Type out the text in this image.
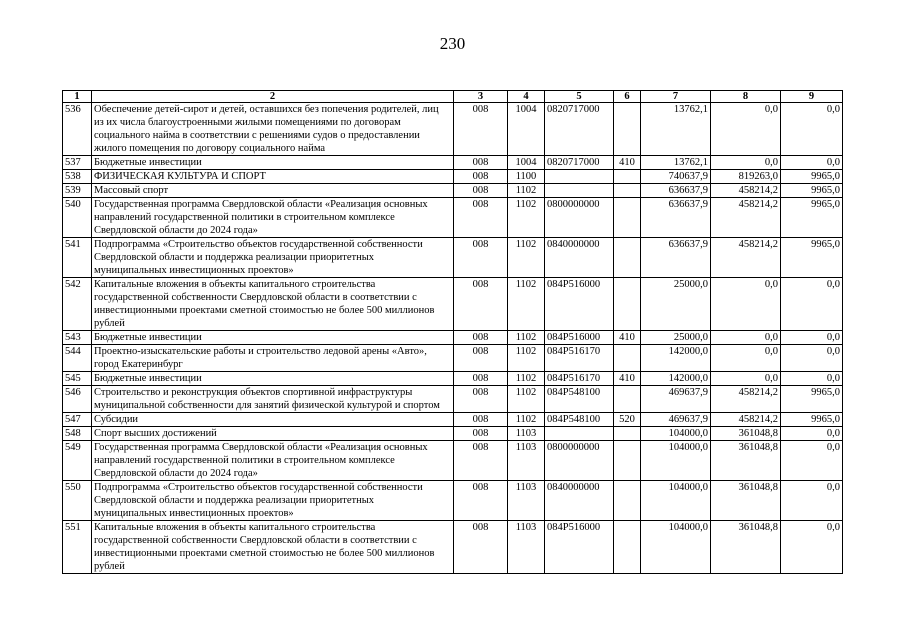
230
1	2	3	4	5	6	7	8	9
536	Обеспечение детей-сирот и детей, оставшихся без попечения родителей, лиц
из их числа благоустроенными жилыми помещениями по договорам
социального найма в соответствии с решениями судов о предоставлении
жилого помещения по договору социального найма	008	1004	0820717000		13762,1	0,0	0,0
537	Бюджетные инвестиции	008	1004	0820717000	410	13762,1	0,0	0,0
538	ФИЗИЧЕСКАЯ КУЛЬТУРА И СПОРТ	008	1100			740637,9	819263,0	9965,0
539	Массовый спорт	008	1102			636637,9	458214,2	9965,0
540	Государственная программа Свердловской области «Реализация основных
направлений государственной политики в строительном комплексе
Свердловской области до 2024 года»	008	1102	0800000000		636637,9	458214,2	9965,0
541	Подпрограмма «Строительство объектов государственной собственности
Свердловской области и поддержка реализации приоритетных
муниципальных инвестиционных проектов»	008	1102	0840000000		636637,9	458214,2	9965,0
542	Капитальные вложения в объекты капитального строительства
государственной собственности Свердловской области в соответствии с
инвестиционными проектами сметной стоимостью не более 500 миллионов
рублей	008	1102	084P516000		25000,0	0,0	0,0
543	Бюджетные инвестиции	008	1102	084P516000	410	25000,0	0,0	0,0
544	Проектно-изыскательские работы и строительство ледовой арены «Авто»,
город Екатеринбург	008	1102	084P516170		142000,0	0,0	0,0
545	Бюджетные инвестиции	008	1102	084P516170	410	142000,0	0,0	0,0
546	Строительство и реконструкция объектов спортивной инфраструктуры
муниципальной собственности для занятий физической культурой и спортом	008	1102	084P548100		469637,9	458214,2	9965,0
547	Субсидии	008	1102	084P548100	520	469637,9	458214,2	9965,0
548	Спорт высших достижений	008	1103			104000,0	361048,8	0,0
549	Государственная программа Свердловской области «Реализация основных
направлений государственной политики в строительном комплексе
Свердловской области до 2024 года»	008	1103	0800000000		104000,0	361048,8	0,0
550	Подпрограмма «Строительство объектов государственной собственности
Свердловской области и поддержка реализации приоритетных
муниципальных инвестиционных проектов»	008	1103	0840000000		104000,0	361048,8	0,0
551	Капитальные вложения в объекты капитального строительства
государственной собственности Свердловской области в соответствии с
инвестиционными проектами сметной стоимостью не более 500 миллионов
рублей	008	1103	084P516000		104000,0	361048,8	0,0
